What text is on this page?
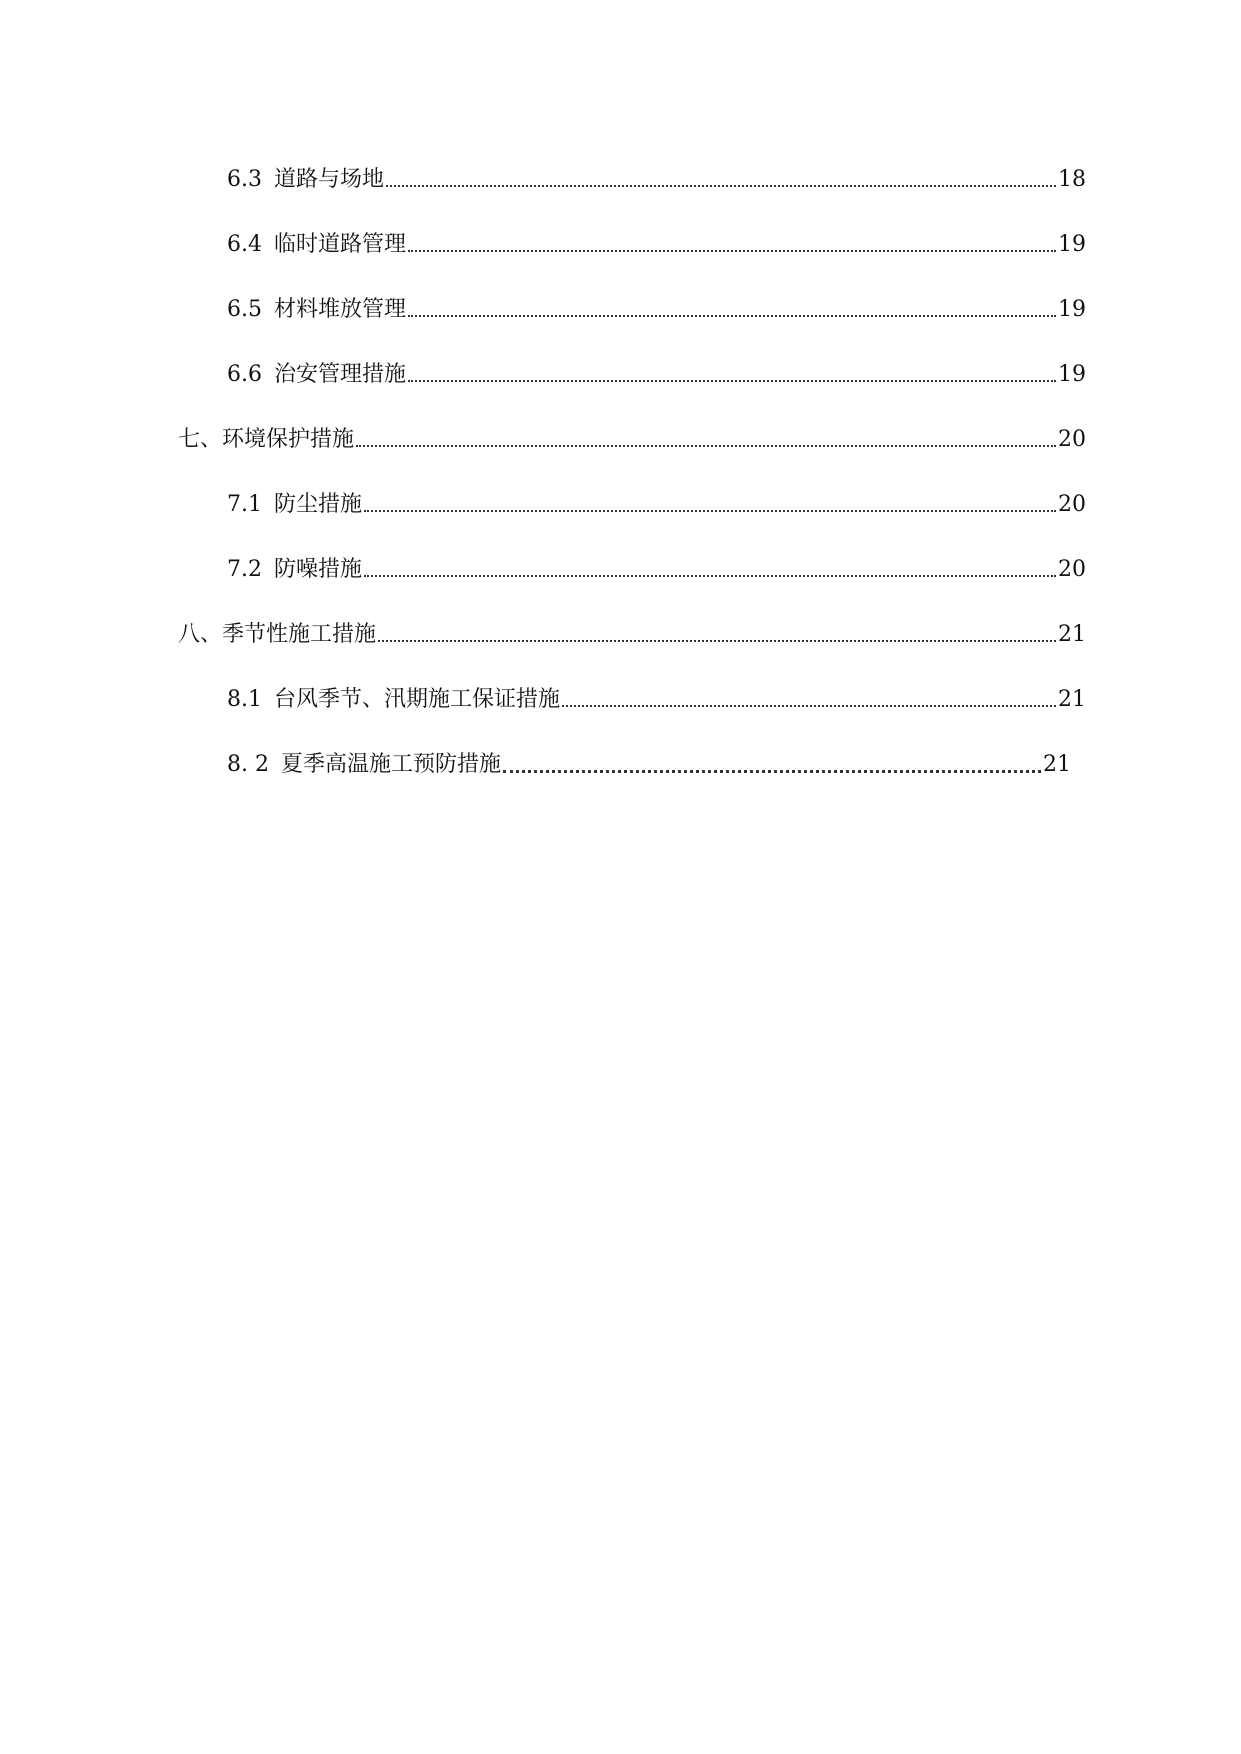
6.3 道路与场地	18
6.4 临时道路管理	19
6.5 材料堆放管理	19
6.6 治安管理措施	19
七、 环境保护措施	20
7.1 防尘措施	20
7.2 防噪措施	20
八、 季节性施工措施	21
8.1 台风季节、汛期施工保证措施	21
8. 2 夏季高温施工预防措施	21
